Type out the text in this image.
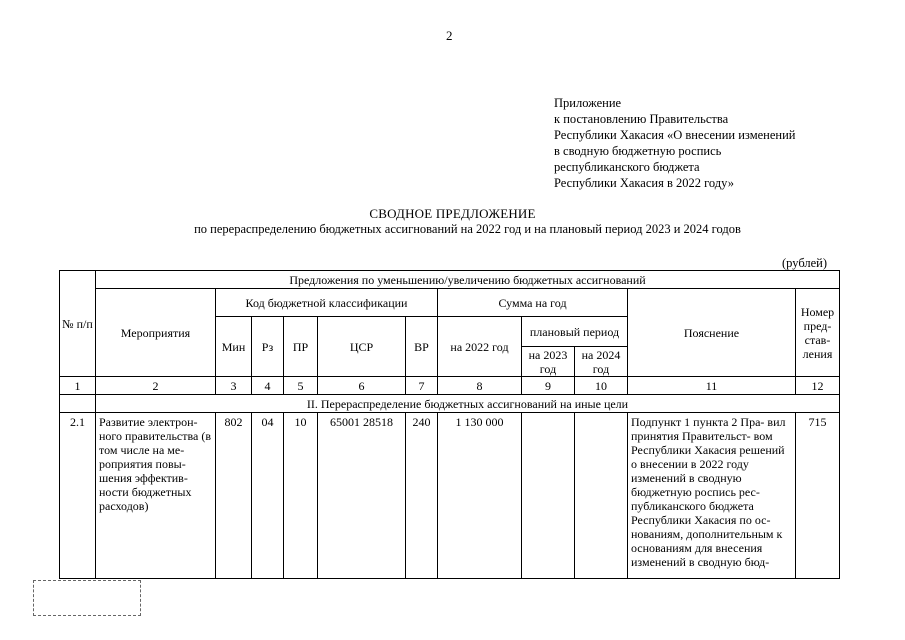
2
Приложение
к постановлению Правительства
Республики Хакасия «О внесении изменений
в сводную бюджетную роспись
республиканского бюджета
Республики Хакасия в 2022 году»
СВОДНОЕ ПРЕДЛОЖЕНИЕ
по перераспределению бюджетных ассигнований на 2022 год и на плановый период 2023 и 2024 годов
(рублей)
№ п/п	Предложения по уменьшению/увеличению бюджетных ассигнований										
	Мероприятия	Код бюджетной классификации					Сумма на год			Пояснение	Номер пред- став- ления
		Мин	Рз	ПР	ЦСР	ВР	на 2022 год	плановый период			
								на 2023 год	на 2024 год		
1	2	3	4	5	6	7	8	9	10	11	12
	II. Перераспределение бюджетных ассигнований на иные цели										
2.1	Развитие электрон- ного правительства (в том числе на ме- роприятия повы- шения эффектив- ности бюджетных расходов)	802	04	10	65001 28518	240	1 130 000			Подпункт 1 пункта 2 Пра- вил принятия Правительст- вом Республики Хакасия решений о внесении в 2022 году изменений в сводную бюджетную роспись рес- публиканского бюджета Республики Хакасия по ос- нованиям, дополнительным к основаниям для внесения изменений в сводную бюд-	715
